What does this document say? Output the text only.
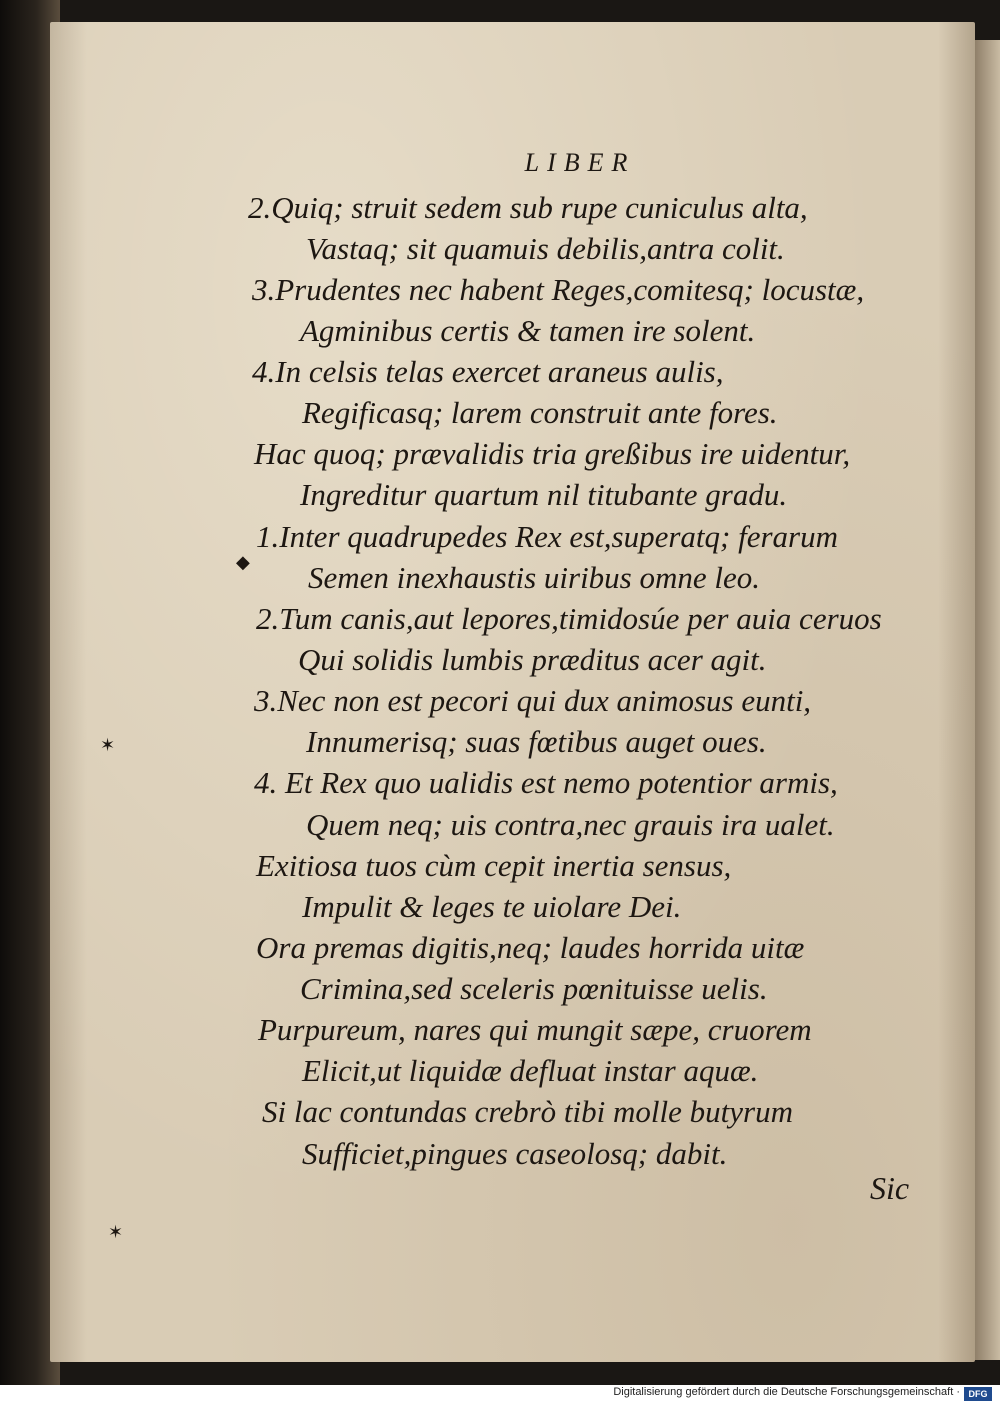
LIBER
2.Quiq; struit sedem sub rupe cuniculus alta,
Vastaq; sit quamuis debilis,antra colit.
3.Prudentes nec habent Reges,comitesq; locustæ,
Agminibus certis & tamen ire solent.
4.In celsis telas exercet araneus aulis,
Regificasq; larem construit ante fores.
Hac quoq; prævalidis tria greßibus ire uidentur,
Ingreditur quartum nil titubante gradu.
1.Inter quadrupedes Rex est,superatq; ferarum
Semen inexhaustis uiribus omne leo.
2.Tum canis,aut lepores,timidosúe per auia ceruos
Qui solidis lumbis præditus acer agit.
3.Nec non est pecori qui dux animosus eunti,
Innumerisq; suas fœtibus auget oues.
4. Et Rex quo ualidis est nemo potentior armis,
Quem neq; uis contra,nec grauis ira ualet.
Exitiosa tuos cùm cepit inertia sensus,
Impulit & leges te uiolare Dei.
Ora premas digitis,neq; laudes horrida uitæ
Crimina,sed sceleris pœnituisse uelis.
Purpureum, nares qui mungit sæpe, cruorem
Elicit,ut liquidæ defluat instar aquæ.
Si lac contundas crebrò tibi molle butyrum
Sufficiet,pingues caseolosq; dabit.
Sic
✶
◆
✶
Digitalisierung gefördert durch die Deutsche Forschungsgemeinschaft · DFG
